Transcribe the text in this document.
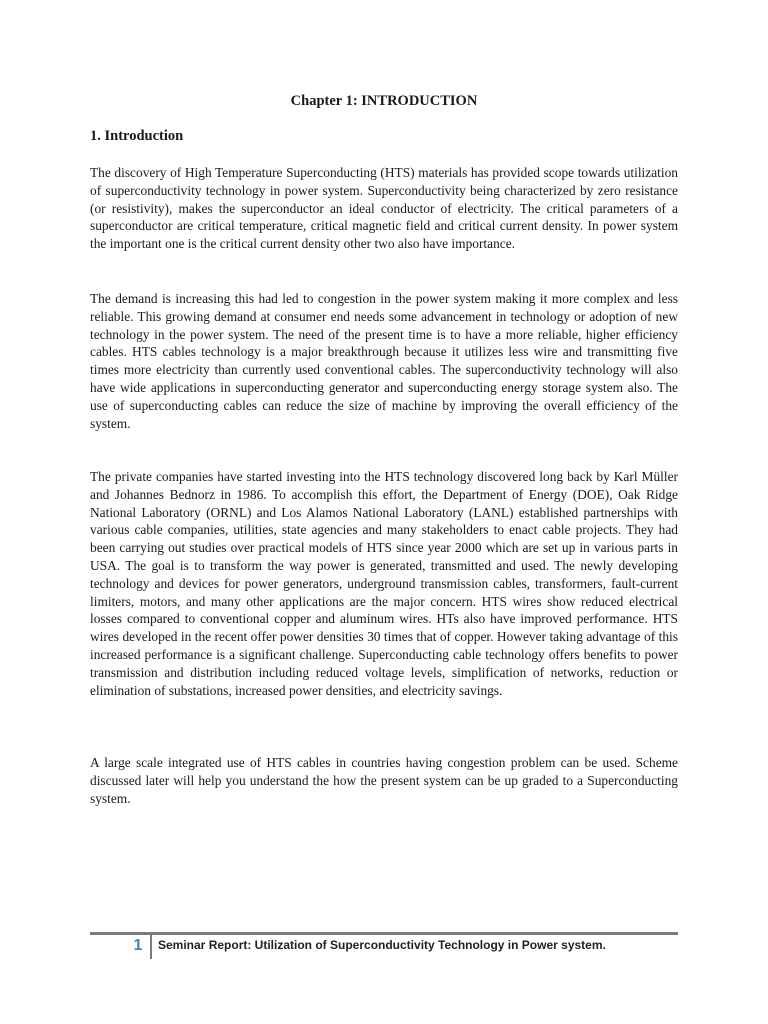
Chapter 1: INTRODUCTION
1. Introduction

The discovery of High Temperature Superconducting (HTS) materials has provided scope towards utilization of superconductivity technology in power system. Superconductivity being characterized by zero resistance (or resistivity), makes the superconductor an ideal conductor of electricity. The critical parameters of a superconductor are critical temperature, critical magnetic field and critical current density. In power system the important one is the critical current density other two also have importance.

The demand is increasing this had led to congestion in the power system making it more complex and less reliable. This growing demand at consumer end needs some advancement in technology or adoption of new technology in the power system. The need of the present time is to have a more reliable, higher efficiency cables. HTS cables technology is a major breakthrough because it utilizes less wire and transmitting five times more electricity than currently used conventional cables. The superconductivity technology will also have wide applications in superconducting generator and superconducting energy storage system also. The use of superconducting cables can reduce the size of machine by improving the overall efficiency of the system.

The private companies have started investing into the HTS technology discovered long back by Karl Müller and Johannes Bednorz in 1986. To accomplish this effort, the Department of Energy (DOE), Oak Ridge National Laboratory (ORNL) and Los Alamos National Laboratory (LANL) established partnerships with various cable companies, utilities, state agencies and many stakeholders to enact cable projects. They had been carrying out studies over practical models of HTS since year 2000 which are set up in various parts in USA. The goal is to transform the way power is generated, transmitted and used. The newly developing technology and devices for power generators, underground transmission cables, transformers, fault-current limiters, motors, and many other applications are the major concern. HTS wires show reduced electrical losses compared to conventional copper and aluminum wires. HTs also have improved performance. HTS wires developed in the recent offer power densities 30 times that of copper. However taking advantage of this increased performance is a significant challenge. Superconducting cable technology offers benefits to power transmission and distribution including reduced voltage levels, simplification of networks, reduction or elimination of substations, increased power densities, and electricity savings.

A large scale integrated use of HTS cables in countries having congestion problem can be used. Scheme discussed later will help you understand the how the present system can be up graded to a Superconducting system.

1	Seminar Report: Utilization of Superconductivity Technology in Power system.
